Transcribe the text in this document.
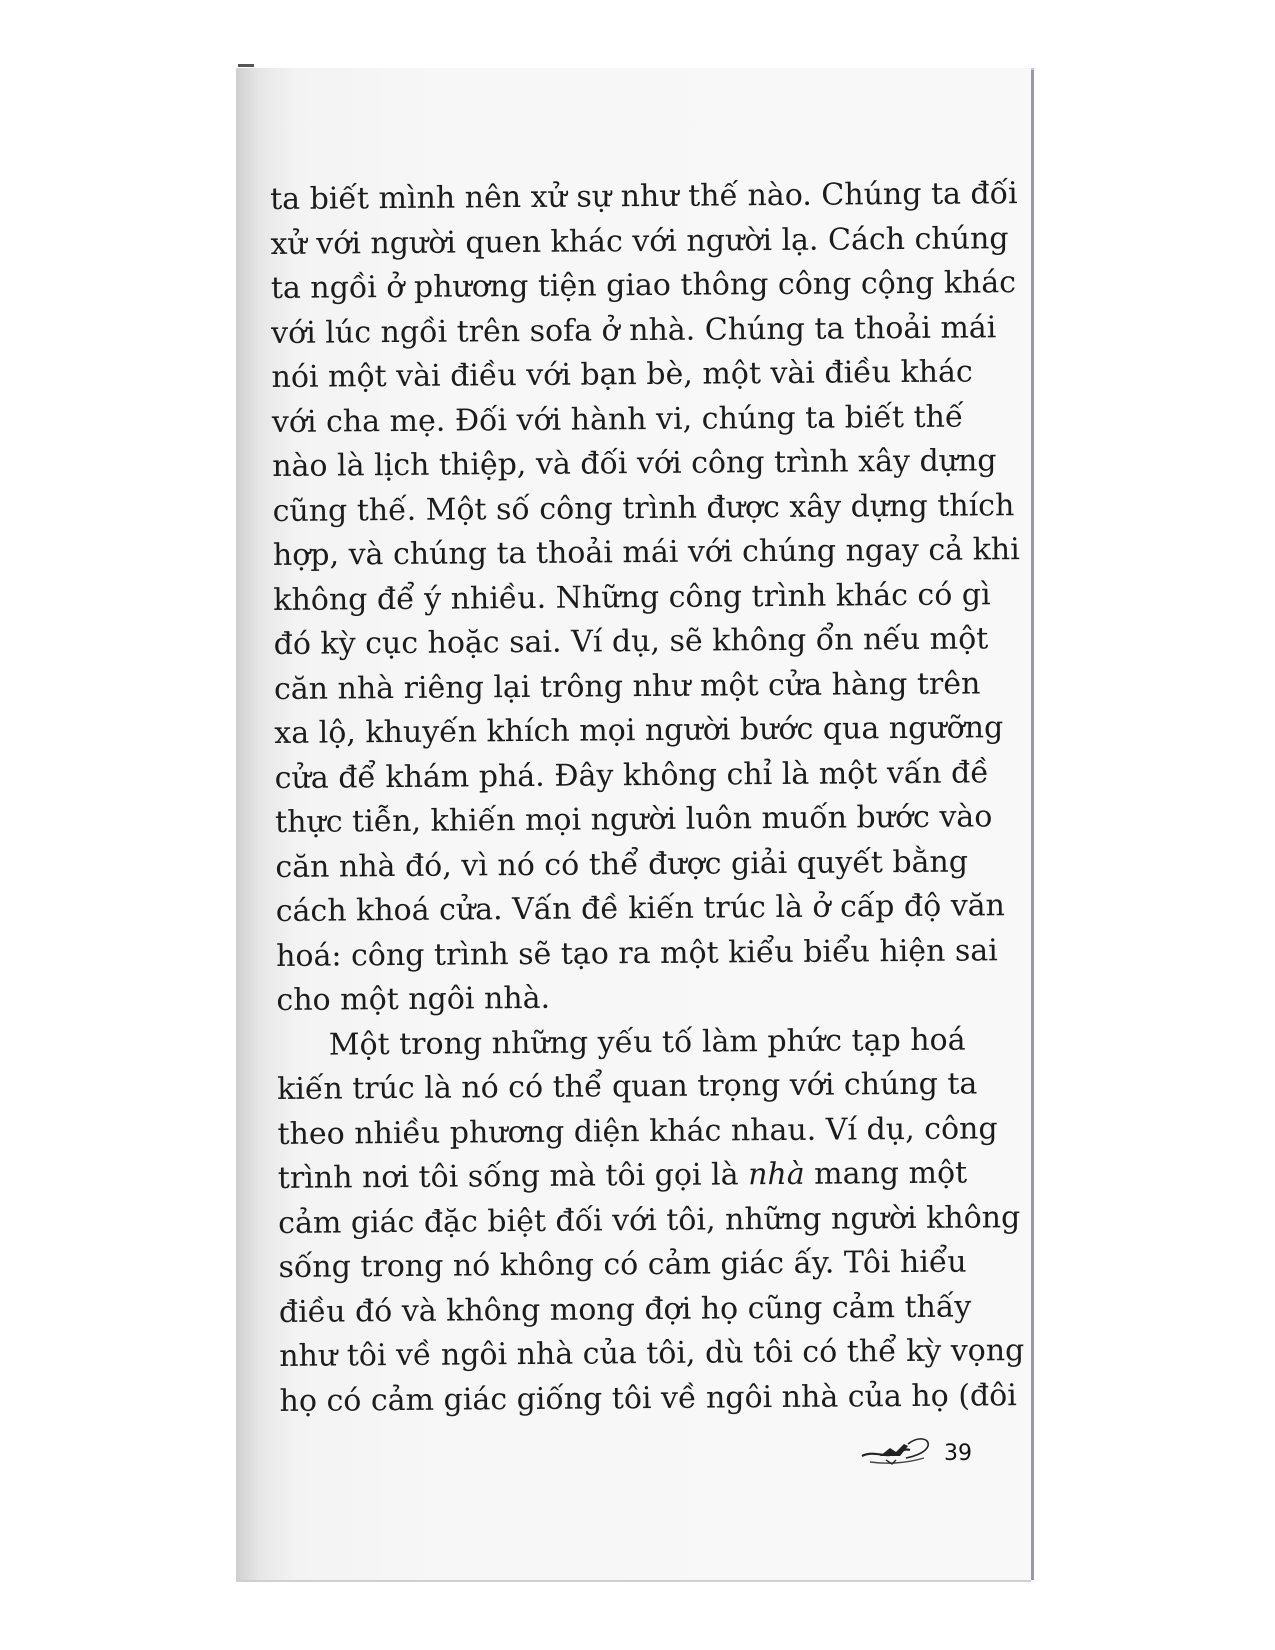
ta biết mình nên xử sự như thế nào. Chúng ta đối
xử với người quen khác với người lạ. Cách chúng
ta ngồi ở phương tiện giao thông công cộng khác
với lúc ngồi trên sofa ở nhà. Chúng ta thoải mái
nói một vài điều với bạn bè, một vài điều khác
với cha mẹ. Đối với hành vi, chúng ta biết thế
nào là lịch thiệp, và đối với công trình xây dựng
cũng thế. Một số công trình được xây dựng thích
hợp, và chúng ta thoải mái với chúng ngay cả khi
không để ý nhiều. Những công trình khác có gì
đó kỳ cục hoặc sai. Ví dụ, sẽ không ổn nếu một
căn nhà riêng lại trông như một cửa hàng trên
xa lộ, khuyến khích mọi người bước qua ngưỡng
cửa để khám phá. Đây không chỉ là một vấn đề
thực tiễn, khiến mọi người luôn muốn bước vào
căn nhà đó, vì nó có thể được giải quyết bằng
cách khoá cửa. Vấn đề kiến trúc là ở cấp độ văn
hoá: công trình sẽ tạo ra một kiểu biểu hiện sai
cho một ngôi nhà.

Một trong những yếu tố làm phức tạp hoá
kiến trúc là nó có thể quan trọng với chúng ta
theo nhiều phương diện khác nhau. Ví dụ, công
trình nơi tôi sống mà tôi gọi là nhà mang một
cảm giác đặc biệt đối với tôi, những người không
sống trong nó không có cảm giác ấy. Tôi hiểu
điều đó và không mong đợi họ cũng cảm thấy
như tôi về ngôi nhà của tôi, dù tôi có thể kỳ vọng
họ có cảm giác giống tôi về ngôi nhà của họ (đôi

39
